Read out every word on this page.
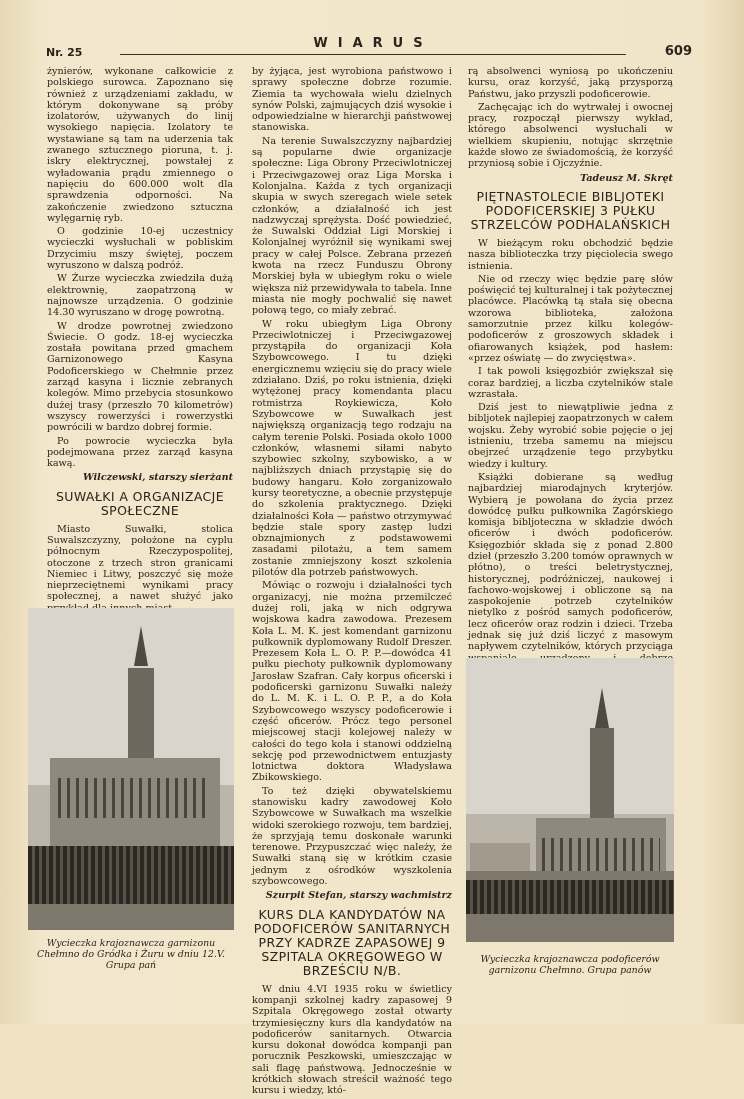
Nr. 25
WIARUS
609

żynierów, wykonane całkowicie z polskiego surowca. Zapoznano się również z urządzeniami zakładu, w którym dokonywane są próby izolatorów, używanych do linij wysokiego napięcia. Izolatory te wystawiane są tam na uderzenia tak zwanego sztucznego pioruna, t. j. iskry elektrycznej, powstałej z wyładowania prądu zmiennego o napięciu do 600.000 wolt dla sprawdzenia odporności. Na zakończenie zwiedzono sztuczna wylęgarnię ryb.

O godzinie 10-ej uczestnicy wycieczki wysłuchali w pobliskim Drzycimiu mszy świętej, poczem wyruszono w dalszą podróż.

W Żurze wycieczka zwiedziła dużą elektrownię, zaopatrzoną w najnowsze urządzenia. O godzinie 14.30 wyruszano w drogę powrotną.

W drodze powrotnej zwiedzono Świecie. O godz. 18-ej wycieczka została powitana przed gmachem Garnizonowego Kasyna Podoficerskiego w Chełmnie przez zarząd kasyna i licznie zebranych kolegów. Mimo przebycia stosunkowo dużej trasy (przeszło 70 kilometrów) wszyscy rowerzyści i rowerzystki powrócili w bardzo dobrej formie.

Po powrocie wycieczka była podejmowana przez zarząd kasyna kawą.

Wilczewski, starszy sierżant
SUWAŁKI A ORGANIZACJE SPOŁECZNE

Miasto Suwałki, stolica Suwalszczyzny, położone na cyplu północnym Rzeczypospolitej, otoczone z trzech stron granicami Niemiec i Litwy, poszczyć się może nieprzeciętnemi wynikami pracy społecznej, a nawet służyć jako

Wycieczka krajoznawcza garnizonu Chełmno do Gródka i Żuru w dniu 12.V. Grupa pań

by żyjąca, jest wyrobiona państwowo i sprawy społeczne dobrze rozumie. Ziemia ta wychowała wielu dzielnych synów Polski, zajmujących dziś wysokie i odpowiedzialne w hierarchji państwowej stanowiska.

Na terenie Suwalszczyzny najbardziej są popularne dwie organizacje społeczne: Liga Obrony Przeciwlotniczej i Przeciwgazowej oraz Liga Morska i Kolonjalna. Każda z tych organizacji skupia w swych szeregach wiele setek członków, a działalność ich jest nadzwyczaj sprężysta. Dość powiedzieć, że Suwalski Oddział Ligi Morskiej i Kolonjalnej wyróżnił się wynikami swej pracy w całej Polsce. Zebrana przezeń kwota na rzecz Funduszu Obrony Morskiej była w ubiegłym roku o wiele większa niż przewidywała to tabela. Inne miasta nie mogły pochwalić się nawet połową tego, co miały zebrać.

W roku ubiegłym Liga Obrony Przeciwlotniczej i Przeciwgazowej przystąpiła do organizacji Koła Szybowcowego. I tu dzięki energicznemu wzięciu się do pracy wiele zdziałano. Dziś, po roku istnienia, dzięki wytężonej pracy komendanta placu rotmistrza Roykiewicza, Koło Szybowcowe w Suwałkach jest największą organizacją tego rodzaju na całym terenie Polski. Posiada około 1000 członków, własnemi siłami nabyto szybowiec szkolny, szybowisko, a w najbliższych dniach przystąpię się do budowy hangaru. Koło zorganizowało kursy teoretyczne, a obecnie przystępuje do szkolenia praktycznego. Dzięki działalności Koła — państwo otrzymywać będzie stale spory zastęp ludzi obznajmionych z podstawowemi zasadami pilotażu, a tem samem zostanie zmniejszony koszt szkolenia pilotów dla potrzeb państwowych.

Mówiąc o rozwoju i działalności tych organizacyj, nie można przemilczeć dużej roli, jaką w nich odgrywa wojskowa kadra zawodowa. Prezesem Koła L. M. K. jest komendant garnizonu pułkownik dyplomowany Rudolf Dreszer. Prezesem Koła L. O. P. P.—dowódca 41 pułku piechoty pułkownik dyplomowany Jarosław Szafran. Cały korpus oficerski i podoficerski garnizonu Suwałki należy do L. M. K. i L. O. P. P., a do Koła Szybowcowego wszyscy podoficerowie i część oficerów. Prócz tego personel miejscowej stacji kolejowej należy w całości do tego koła i stanowi oddzielną sekcję pod przewodnictwem entuzjasty lotnictwa doktora Władysława Zbikowskiego.

To też dzięki obywatelskiemu stanowisku kadry zawodowej Koło Szybowcowe w Suwałkach ma wszelkie widoki szerokiego rozwoju, tem bardziej, że sprzyjają temu doskonałe warunki terenowe. Przypuszczać więc należy, że Suwałki staną się w krótkim czasie jednym z ośrodków wyszkolenia szybowcowego.

Szurpit Stefan, starszy wachmistrz
KURS DLA KANDYDATÓW NA PODOFICERÓW SANITARNYCH PRZY KADRZE ZAPASOWEJ 9 SZPITALA OKRĘGOWEGO W BRZEŚCIU N/B.

W dniu 4.VI 1935 roku w świetlicy kompanji szkolnej kadry zapasowej 9 Szpitala Okręgowego został otwarty trzymiesięczny kurs dla kandydatów na podoficerów sanitarnych. Otwarcia kursu dokonał dowódca kompanji pan porucznik Peszkowski, umieszczając w sali flagę państwową. Jednocześnie w krótkich słowach streścił ważność tego kursu i wiedzy, któ-

rą absolwenci wyniosą po ukończeniu kursu, oraz korzyść, jaką przysporzą Państwu, jako przyszli podoficerowie.

Zachęcając ich do wytrwałej i owocnej pracy, rozpoczął pierwszy wykład, którego absolwenci wysłuchali w wielkiem skupieniu, notując skrzętnie każde słowo ze świadomością, że korzyść przyniosą sobie i Ojczyźnie.

Tadeusz M. Skręt
PIĘTNASTOLECIE BIBLJOTEKI PODOFICERSKIEJ 3 PUŁKU STRZELCÓW PODHALAŃSKICH

W bieżącym roku obchodzić będzie nasza biblioteczka trzy pięciolecia swego istnienia.

Nie od rzeczy więc będzie parę słów poświęcić tej kulturalnej i tak pożytecznej placówce. Placówką tą stała się obecna wzorowa biblioteka, założona samorzutnie przez kilku kolegów-podoficerów z groszowych składek i ofiarowanych książek, pod hasłem: «przez oświatę — do zwycięstwa».

I tak powoli księgozbiór zwiększał się coraz bardziej, a liczba czytelników stale wzrastała.

Dziś jest to niewątpliwie jedna z bibljotek najlepiej zaopatrzonych w całem wojsku. Żeby wyrobić sobie pojęcie o jej istnieniu, trzeba samemu na miejscu obejrzeć urządzenie tego przybytku wiedzy i kultury.

Książki dobierane są według najbardziej miarodajnych kryterjów. Wybierą je powołana do życia przez dowódcę pułku pułkownika Zagórskiego komisja bibljoteczna w składzie dwóch oficerów i dwóch podoficerów. Księgozbiór składa się z ponad 2.800 dzieł (przeszło 3.200 tomów oprawnych w płótno), o treści beletrystycznej, historycznej, podróżniczej, naukowej i fachowo-wojskowej i obliczone są na zaspokojenie potrzeb czytelników nietylko z pośród samych podoficerów, lecz oficerów oraz rodzin i dzieci. Trzeba jednak się już dziś liczyć z masowym napływem czytelników, których przyciąga

Wycieczka krajoznawcza podoficerów garnizonu Chełmno. Grupa panów
